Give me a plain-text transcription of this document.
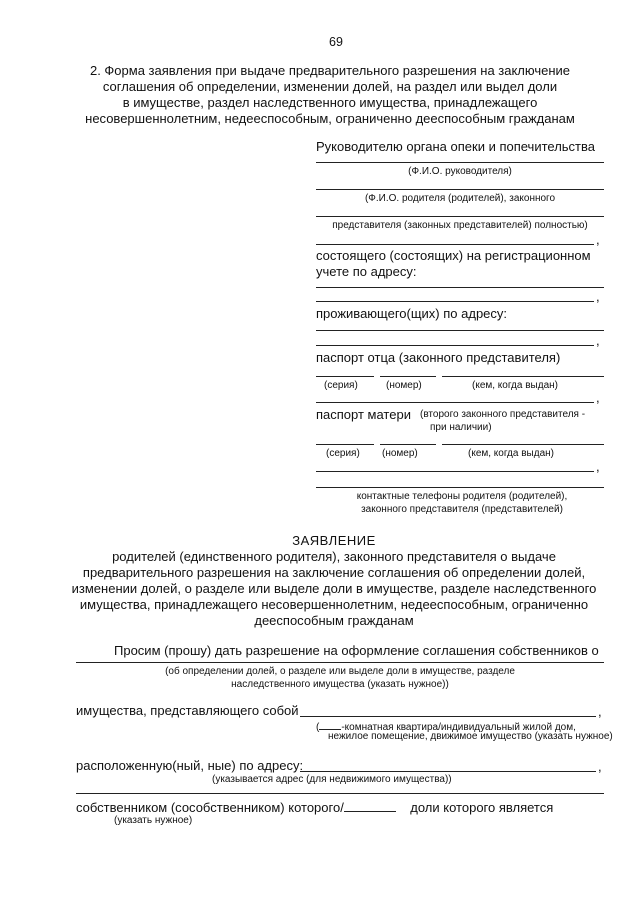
69
2. Форма заявления при выдаче предварительного разрешения на заключение
соглашения об определении, изменении долей, на раздел или выдел доли
в имуществе, раздел наследственного имущества, принадлежащего
несовершеннолетним, недееспособным, ограниченно дееспособным гражданам
Руководителю органа опеки и попечительства
(Ф.И.О. руководителя)
(Ф.И.О. родителя (родителей), законного
представителя (законных представителей) полностью)
,
состоящего (состоящих) на регистрационном
учете по адресу:
,
проживающего(щих) по адресу:
,
паспорт отца (законного представителя)
(серия)	(номер)	(кем, когда выдан)
,
паспорт матери (второго законного представителя -
при наличии)
(серия) (номер)	(кем, когда выдан)
,
контактные телефоны родителя (родителей),
законного представителя (представителей)
ЗАЯВЛЕНИЕ
родителей (единственного родителя), законного представителя о выдаче
предварительного разрешения на заключение соглашения об определении долей,
изменении долей, о разделе или выделе доли в имуществе, разделе наследственного
имущества, принадлежащего несовершеннолетним, недееспособным, ограниченно
дееспособным гражданам
Просим (прошу) дать разрешение на оформление соглашения собственников о
(об определении долей, о разделе или выделе доли в имуществе, разделе
наследственного имущества (указать нужное))
имущества, представляющего собой	,
( -комнатная квартира/индивидуальный жилой дом,
нежилое помещение, движимое имущество (указать нужное)
расположенную(ный, ные) по адресу:	,
(указывается адрес (для недвижимого имущества))
собственником (сособственником) которого/	доли которого является
(указать нужное)
